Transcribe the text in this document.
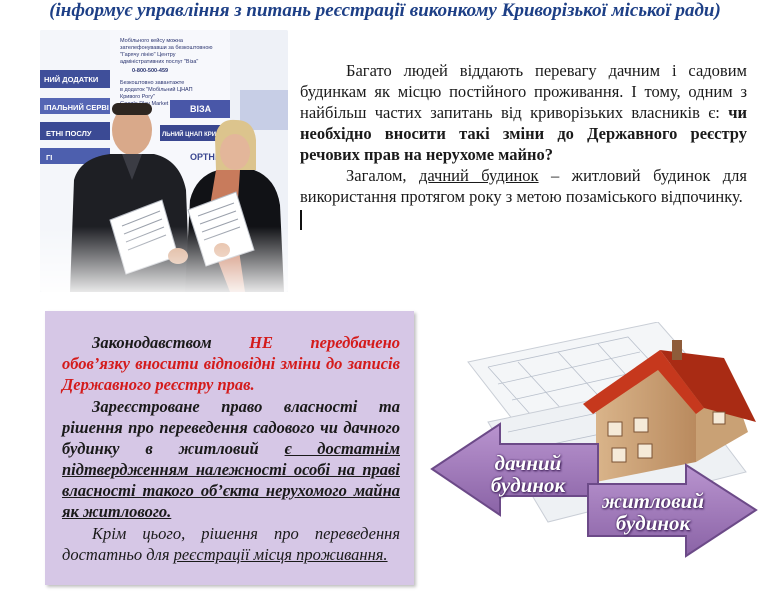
(інформує управління з питань реєстрації виконкому Криворізької міської ради)

Багато людей віддають перевагу дачним і садовим будинкам як місцю постійного проживання. І тому, одним з найбільш частих запитань від криворізьких власників є: чи необхідно вносити такі зміни до Державного реєстру речових прав на нерухоме майно?

Загалом, дачний будинок – житловий будинок для використання протягом року з метою позаміського відпочинку.

Законодавством НЕ передбачено обов’язку вносити відповідні зміни до записів Державного реєстру прав.

Зареєстроване право власності та рішення про переведення садового чи дачного будинку в житловий є достатнім підтвердженням належності особі на праві власності такого об’єкта нерухомого майна як житлового.

Крім цього, рішення про переведення достатньо для реєстрації місця проживання.

дачний
будинок
житловий
будинок
